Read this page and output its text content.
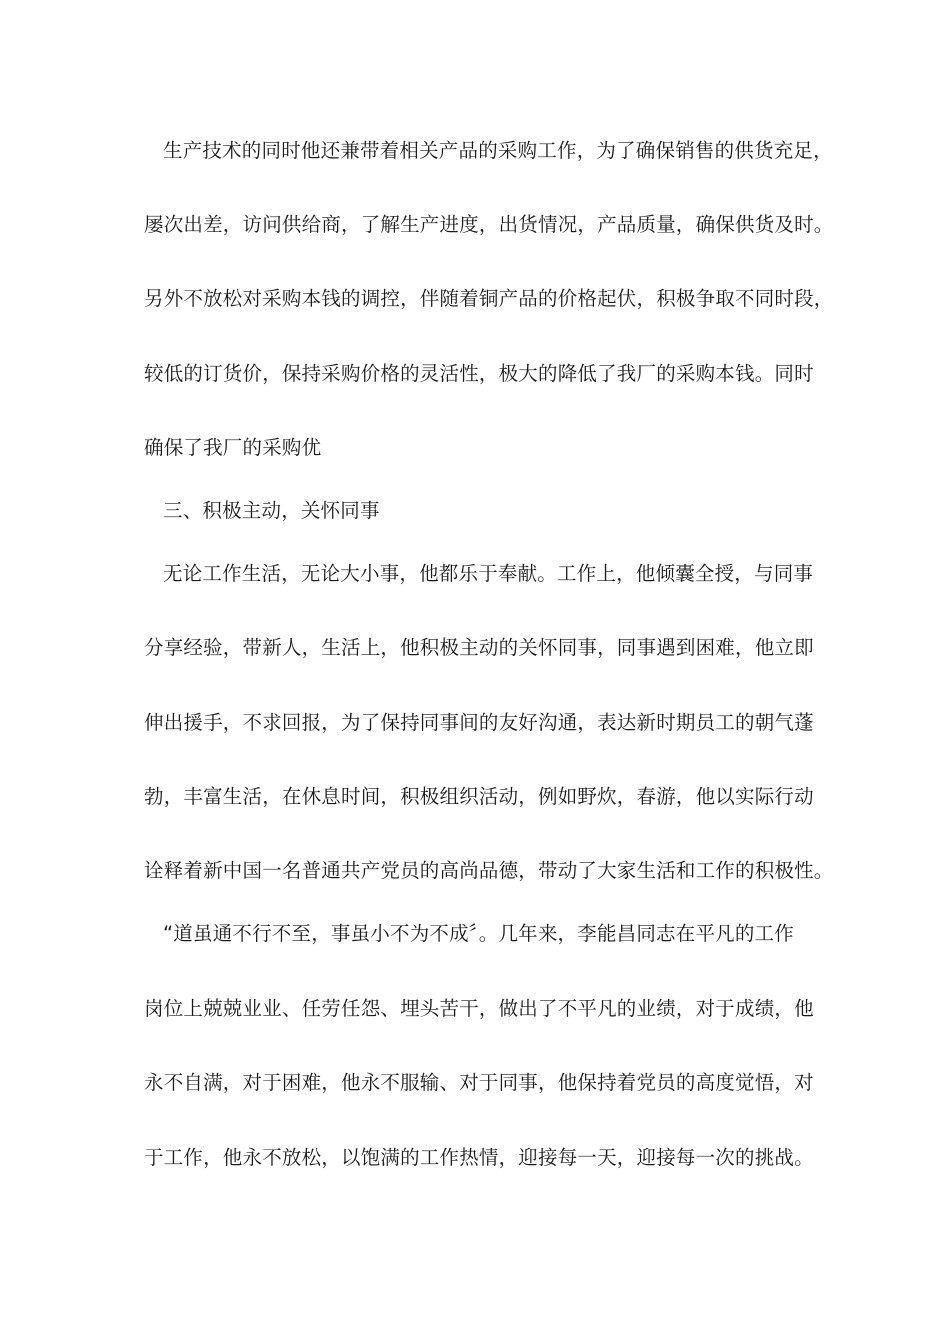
生产技术的同时他还兼带着相关产品的采购工作，为了确保销售的供货充足，
屡次出差，访问供给商，了解生产进度，出货情况，产品质量，确保供货及时。
另外不放松对采购本钱的调控，伴随着铜产品的价格起伏，积极争取不同时段，
较低的订货价，保持采购价格的灵活性，极大的降低了我厂的采购本钱。同时
确保了我厂的采购优
三、积极主动，关怀同事
无论工作生活，无论大小事，他都乐于奉献。工作上，他倾囊全授，与同事
分享经验，带新人，生活上，他积极主动的关怀同事，同事遇到困难，他立即
伸出援手，不求回报，为了保持同事间的友好沟通，表达新时期员工的朝气蓬
勃，丰富生活，在休息时间，积极组织活动，例如野炊，春游，他以实际行动
诠释着新中国一名普通共产党员的高尚品德，带动了大家生活和工作的积极性。
“道虽通不行不至，事虽小不为不成〞。几年来，李能昌同志在平凡的工作
岗位上兢兢业业、任劳任怨、埋头苦干，做出了不平凡的业绩，对于成绩，他
永不自满，对于困难，他永不服输、对于同事，他保持着党员的高度觉悟，对
于工作，他永不放松，以饱满的工作热情，迎接每一天，迎接每一次的挑战。
